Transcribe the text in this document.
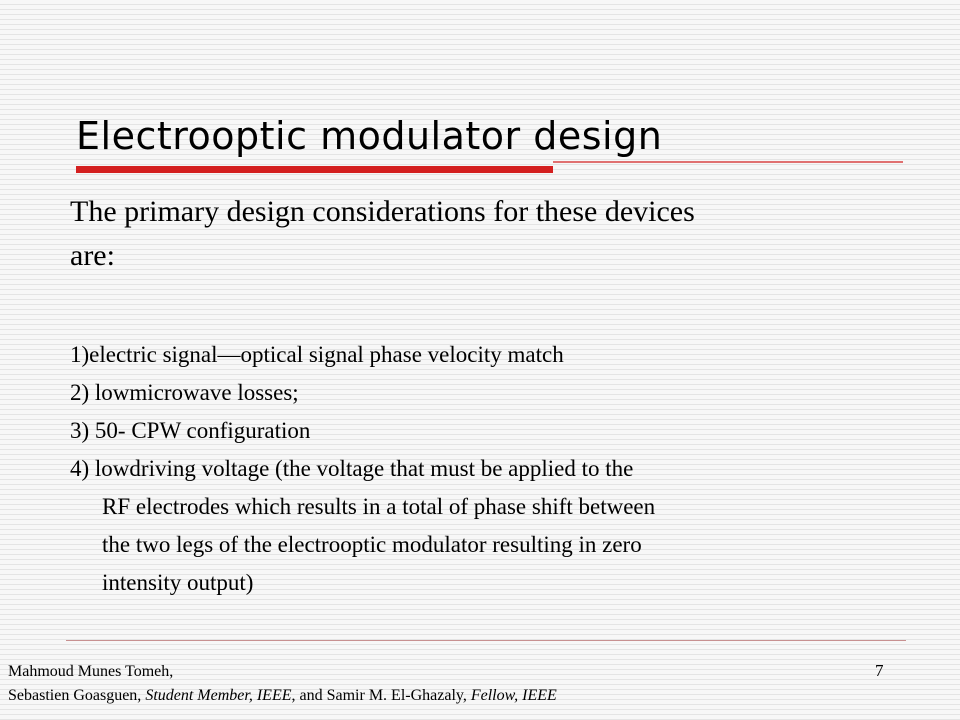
Electrooptic modulator design
The primary design considerations for these devices
are:
1)electric signal—optical signal phase velocity match
2) lowmicrowave losses;
3) 50- CPW configuration
4) lowdriving voltage (the voltage that must be applied to the
RF electrodes which results in a total of phase shift between
the two legs of the electrooptic modulator resulting in zero
intensity output)
7
Mahmoud Munes Tomeh,
Sebastien Goasguen, Student Member, IEEE, and Samir M. El-Ghazaly, Fellow, IEEE
